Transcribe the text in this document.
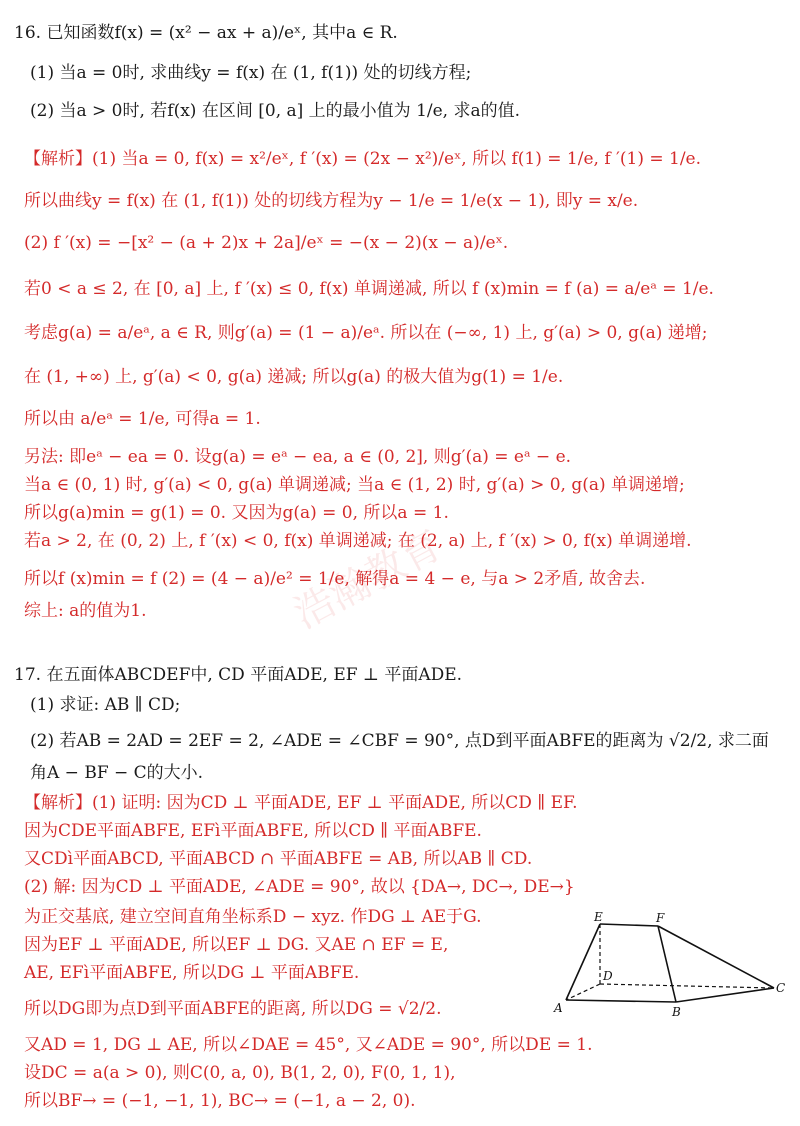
16. 已知函数f(x) = (x² − ax + a)/eˣ, 其中a ∈ R.
(1) 当a = 0时, 求曲线y = f(x) 在 (1, f(1)) 处的切线方程;
(2) 当a > 0时, 若f(x) 在区间 [0, a] 上的最小值为 1/e, 求a的值.
【解析】(1) 当a = 0, f(x) = x²/eˣ, f ′(x) = (2x − x²)/eˣ, 所以 f(1) = 1/e, f ′(1) = 1/e.
所以曲线y = f(x) 在 (1, f(1)) 处的切线方程为y − 1/e = 1/e(x − 1), 即y = x/e.
(2) f ′(x) = −[x² − (a + 2)x + 2a]/eˣ = −(x − 2)(x − a)/eˣ.
若0 < a ≤ 2, 在 [0, a] 上, f ′(x) ≤ 0, f(x) 单调递减, 所以 f (x)min = f (a) = a/eᵃ = 1/e.
考虑g(a) = a/eᵃ, a ∈ R, 则g′(a) = (1 − a)/eᵃ. 所以在 (−∞, 1) 上, g′(a) > 0, g(a) 递增;
在 (1, +∞) 上, g′(a) < 0, g(a) 递减; 所以g(a) 的极大值为g(1) = 1/e.
所以由 a/eᵃ = 1/e, 可得a = 1.
另法: 即eᵃ − ea = 0. 设g(a) = eᵃ − ea, a ∈ (0, 2], 则g′(a) = eᵃ − e.
当a ∈ (0, 1) 时, g′(a) < 0, g(a) 单调递减; 当a ∈ (1, 2) 时, g′(a) > 0, g(a) 单调递增;
所以g(a)min = g(1) = 0. 又因为g(a) = 0, 所以a = 1.
若a > 2, 在 (0, 2) 上, f ′(x) < 0, f(x) 单调递减; 在 (2, a) 上, f ′(x) > 0, f(x) 单调递增.
所以f (x)min = f (2) = (4 − a)/e² = 1/e, 解得a = 4 − e, 与a > 2矛盾, 故舍去.
综上: a的值为1.
17. 在五面体ABCDEF中, CD 平面ADE, EF ⊥ 平面ADE.
(1) 求证: AB ∥ CD;
(2) 若AB = 2AD = 2EF = 2, ∠ADE = ∠CBF = 90°, 点D到平面ABFE的距离为 √2/2, 求二面
角A − BF − C的大小.
【解析】(1) 证明: 因为CD ⊥ 平面ADE, EF ⊥ 平面ADE, 所以CD ∥ EF.
因为CDE平面ABFE, EFì平面ABFE, 所以CD ∥ 平面ABFE.
又CDì平面ABCD, 平面ABCD ∩ 平面ABFE = AB, 所以AB ∥ CD.
(2) 解: 因为CD ⊥ 平面ADE, ∠ADE = 90°, 故以 {DA→, DC→, DE→}
为正交基底, 建立空间直角坐标系D − xyz. 作DG ⊥ AE于G.
因为EF ⊥ 平面ADE, 所以EF ⊥ DG. 又AE ∩ EF = E,
AE, EFì平面ABFE, 所以DG ⊥ 平面ABFE.
所以DG即为点D到平面ABFE的距离, 所以DG = √2/2.
又AD = 1, DG ⊥ AE, 所以∠DAE = 45°, 又∠ADE = 90°, 所以DE = 1.
设DC = a(a > 0), 则C(0, a, 0), B(1, 2, 0), F(0, 1, 1),
所以BF→ = (−1, −1, 1), BC→ = (−1, a − 2, 0).
E	F
D
C
A	B
浩瀚教育
